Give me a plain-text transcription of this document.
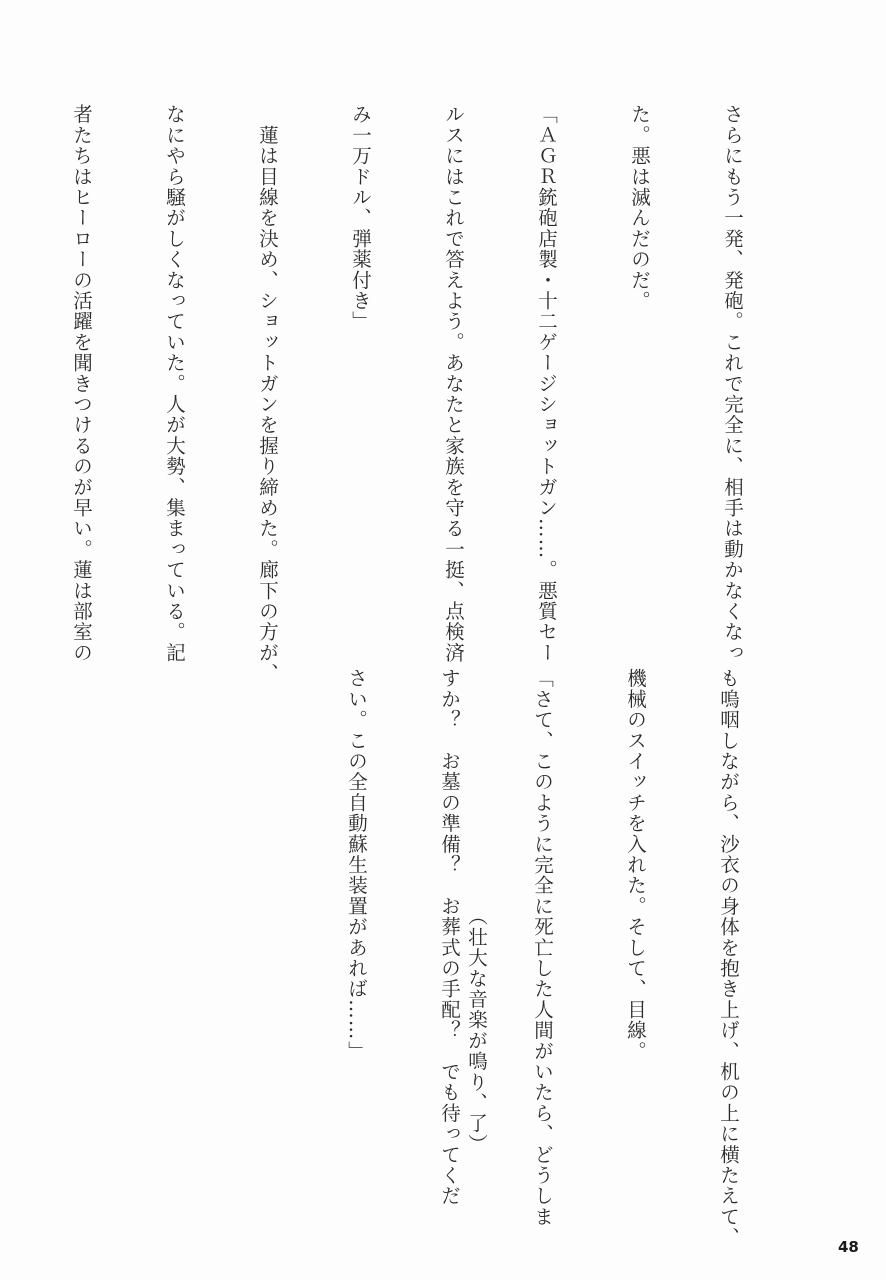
さらにもう一発、発砲。これで完全に、相手は動かなくなっ

た。悪は滅んだのだ。

「ＡＧＲ銃砲店製・十二ゲージショットガン……。悪質セー

ルスにはこれで答えよう。あなたと家族を守る一挺、点検済

み一万ドル、弾薬付き」

　蓮は目線を決め、ショットガンを握り締めた。廊下の方が、

なにやら騒がしくなっていた。人が大勢、集まっている。記

者たちはヒーローの活躍を聞きつけるのが早い。蓮は部室の

も嗚咽しながら、沙衣の身体を抱き上げ、机の上に横たえて、

機械のスイッチを入れた。そして、目線。

「さて、このように完全に死亡した人間がいたら、どうしま

すか？　お墓の準備？　お葬式の手配？　でも待ってくだ

さい。この全自動蘇生装置があれば……」

	（壮大な音楽が鳴り、了）
48
